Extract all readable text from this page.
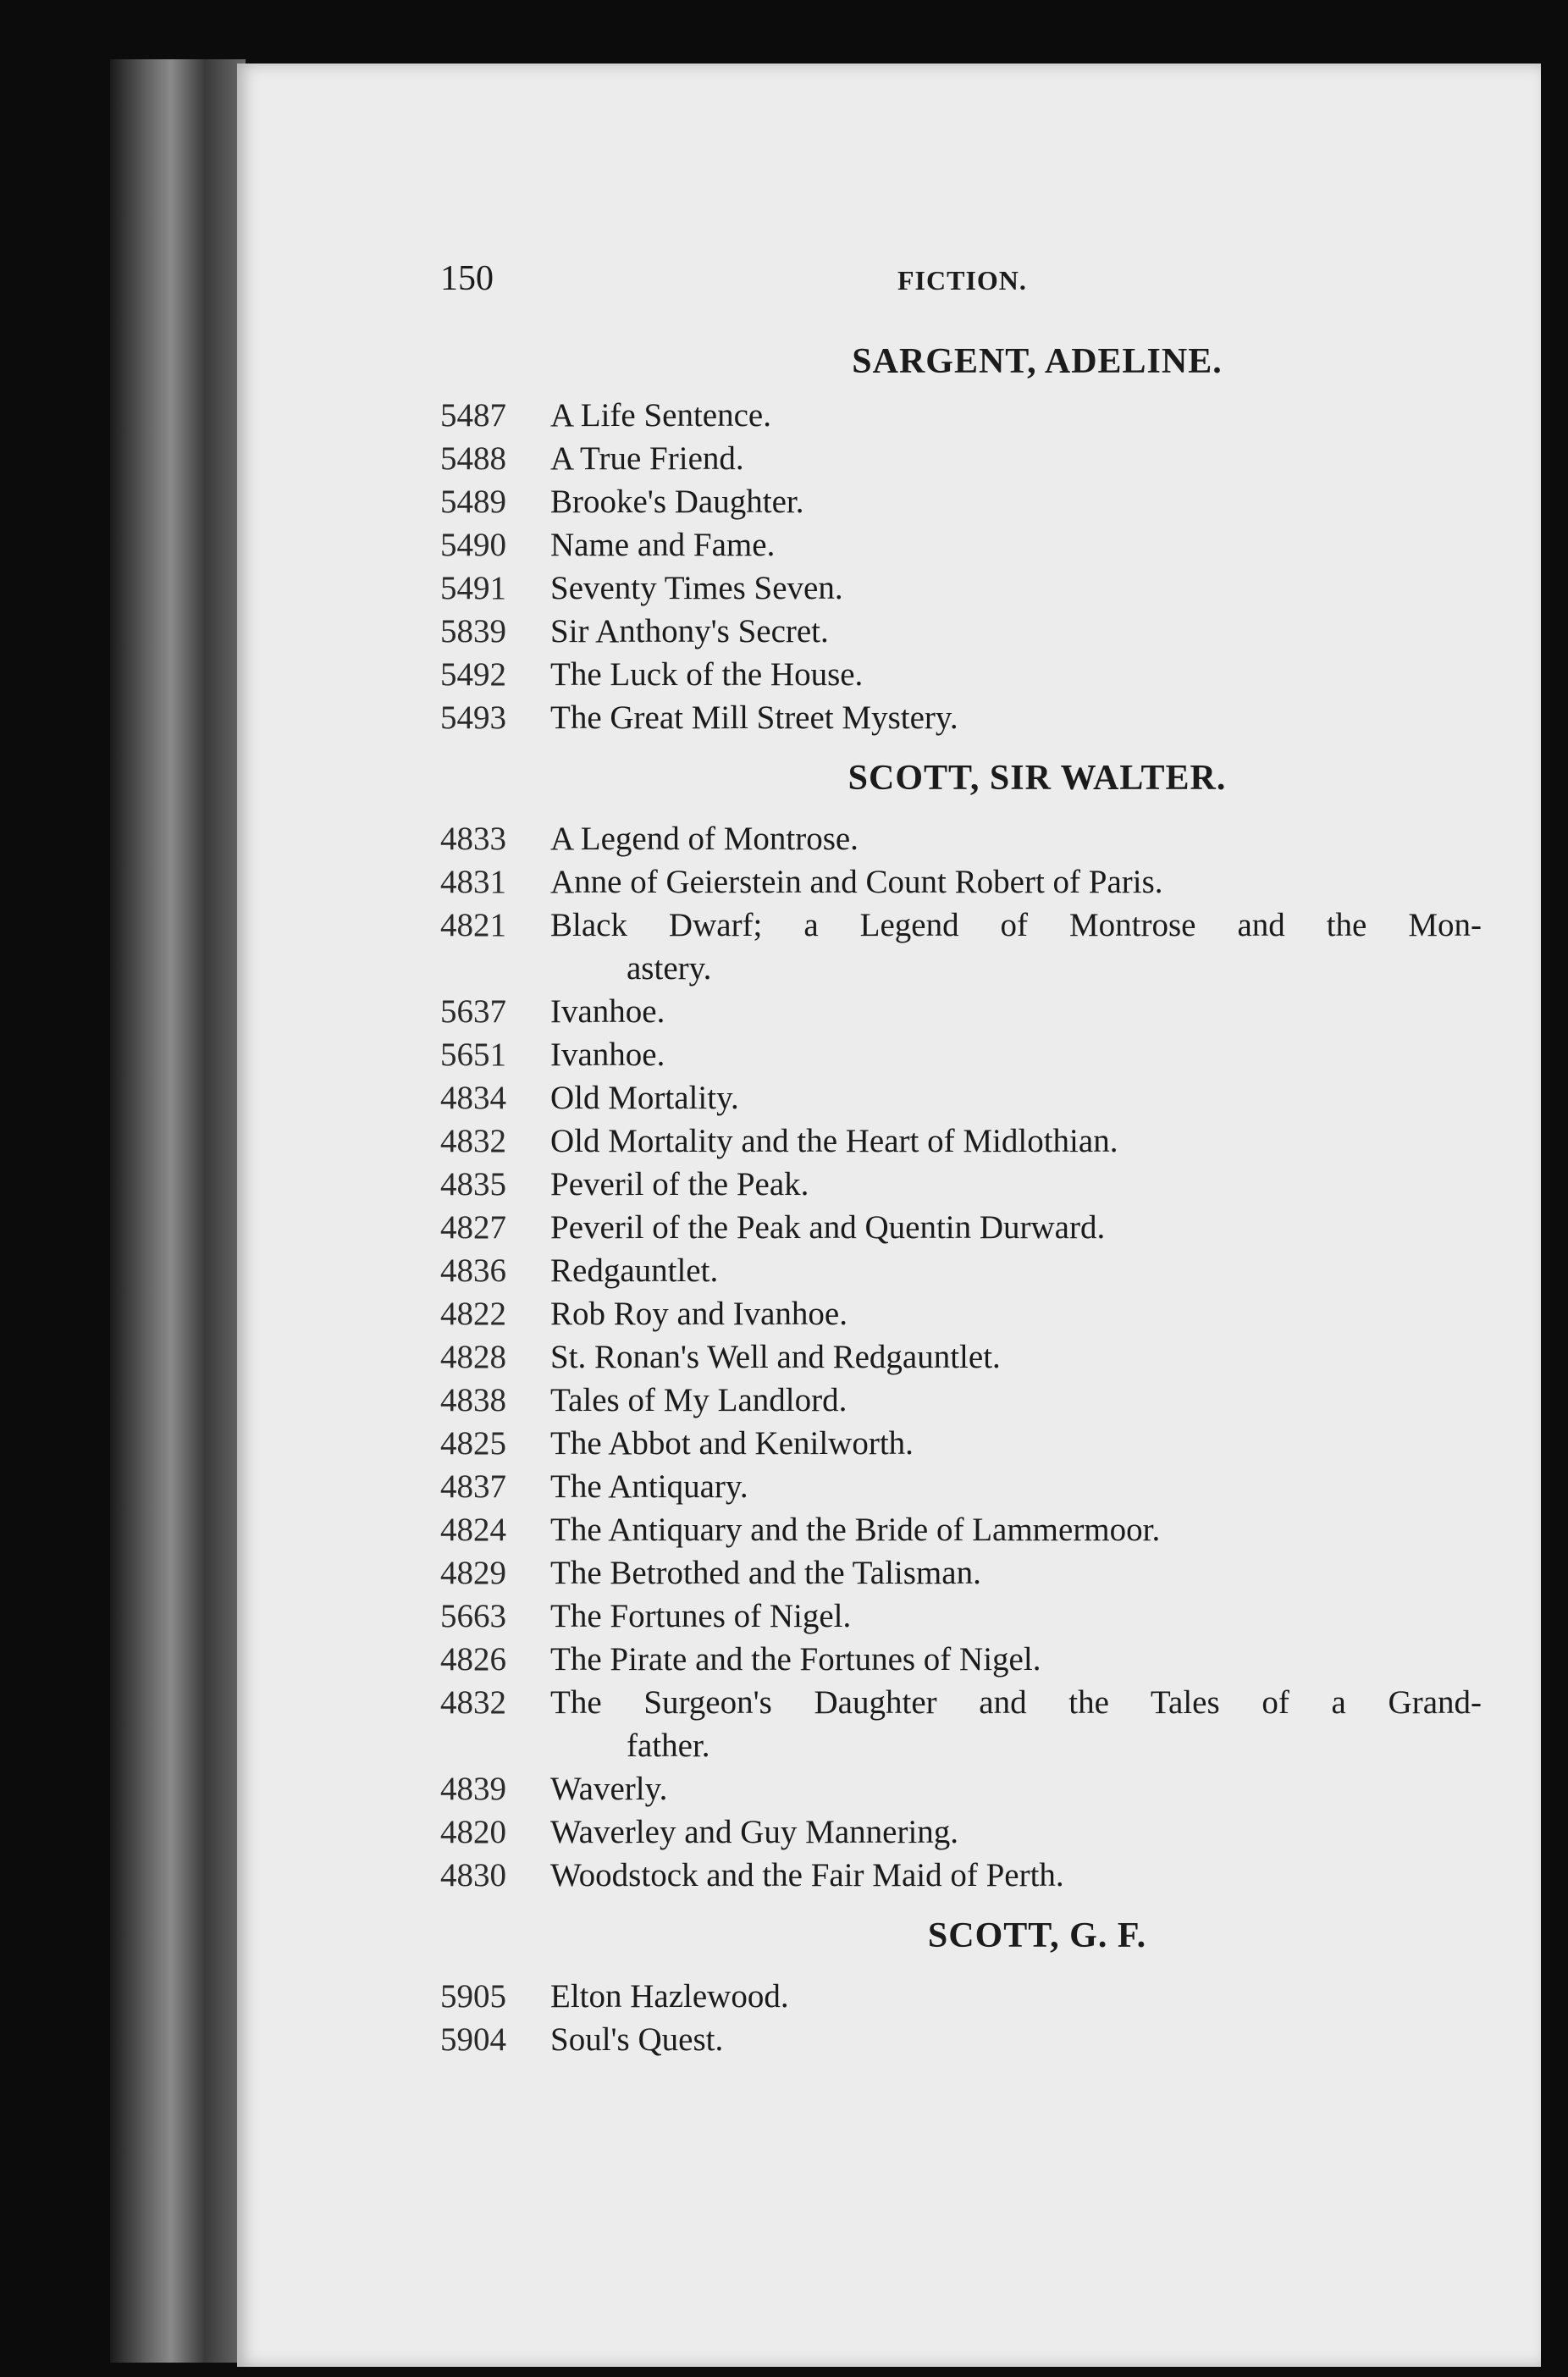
150	FICTION.
SARGENT, ADELINE.
5487	A Life Sentence.
5488	A True Friend.
5489	Brooke's Daughter.
5490	Name and Fame.
5491	Seventy Times Seven.
5839	Sir Anthony's Secret.
5492	The Luck of the House.
5493	The Great Mill Street Mystery.
SCOTT, SIR WALTER.
4833	A Legend of Montrose.
4831	Anne of Geierstein and Count Robert of Paris.
4821	Black Dwarf; a Legend of Montrose and the Mon-
astery.
5637	Ivanhoe.
5651	Ivanhoe.
4834	Old Mortality.
4832	Old Mortality and the Heart of Midlothian.
4835	Peveril of the Peak.
4827	Peveril of the Peak and Quentin Durward.
4836	Redgauntlet.
4822	Rob Roy and Ivanhoe.
4828	St. Ronan's Well and Redgauntlet.
4838	Tales of My Landlord.
4825	The Abbot and Kenilworth.
4837	The Antiquary.
4824	The Antiquary and the Bride of Lammermoor.
4829	The Betrothed and the Talisman.
5663	The Fortunes of Nigel.
4826	The Pirate and the Fortunes of Nigel.
4832	The Surgeon's Daughter and the Tales of a Grand-
father.
4839	Waverly.
4820	Waverley and Guy Mannering.
4830	Woodstock and the Fair Maid of Perth.
SCOTT, G. F.
5905	Elton Hazlewood.
5904	Soul's Quest.
